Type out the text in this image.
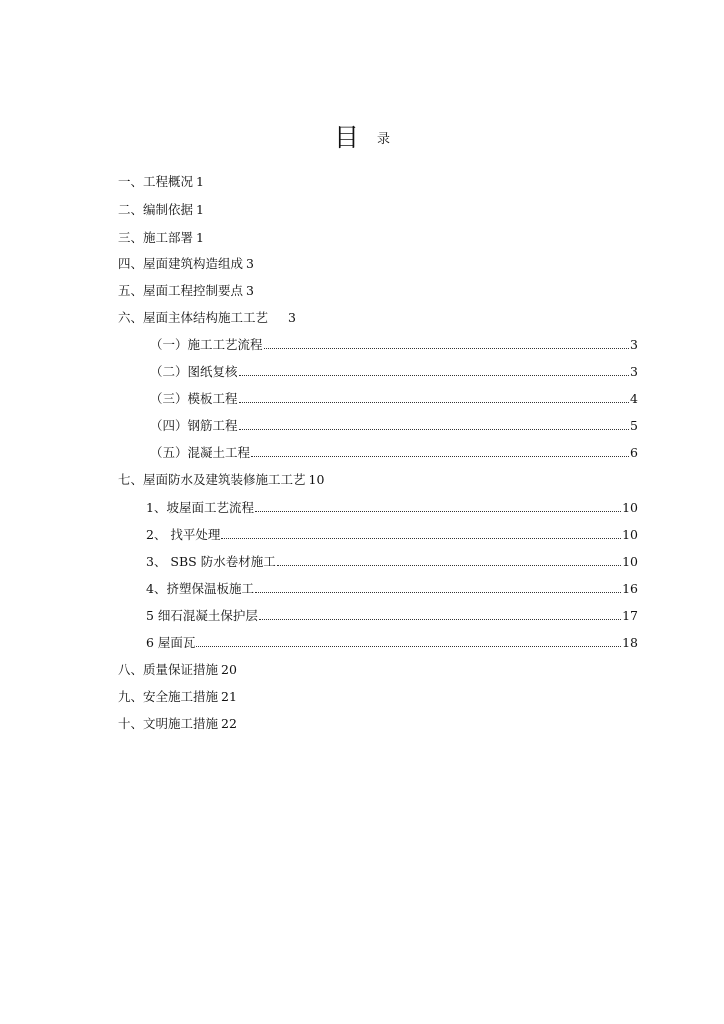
目 录
一、工程概况 1
二、编制依据 1
三、施工部署 1
四、屋面建筑构造组成 3
五、屋面工程控制要点 3
六、屋面主体结构施工工艺 3
（一）施工工艺流程	3
（二）图纸复核	3
（三）模板工程	4
（四）钢筋工程	5
（五）混凝土工程	6
七、屋面防水及建筑装修施工工艺 10
1、坡屋面工艺流程	10
2、 找平处理	10
3、 SBS 防水卷材施工	10
4、挤塑保温板施工	16
5 细石混凝土保护层	17
6 屋面瓦	18
八、质量保证措施 20
九、安全施工措施 21
十、文明施工措施 22
